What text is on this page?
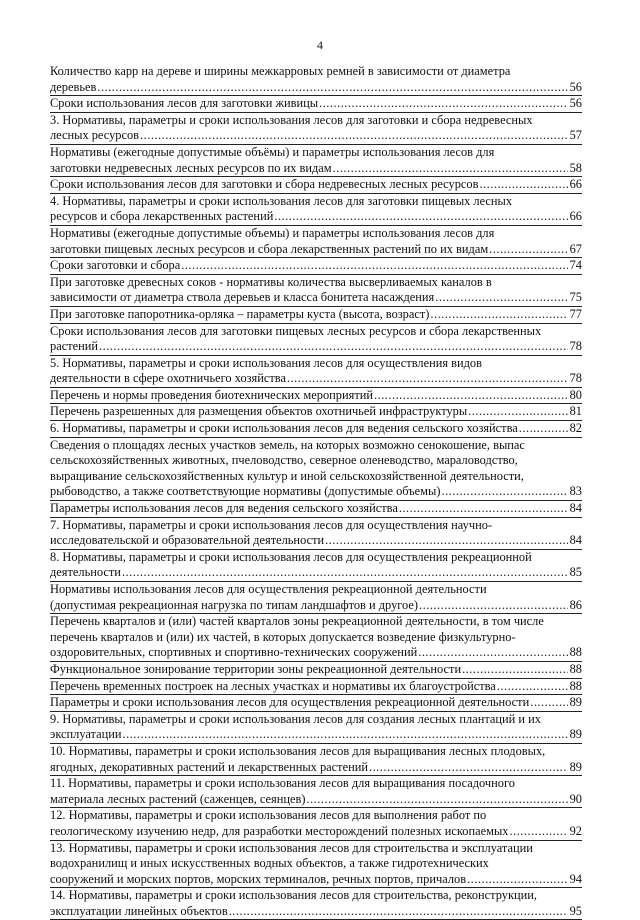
4
Количество карр на дереве и ширины межкарровых ремней в зависимости от диаметра
деревьев .....	56
Сроки использования лесов для заготовки живицы .....	56
3. Нормативы, параметры и сроки использования лесов для заготовки и сбора недревесных
лесных ресурсов .....	57
Нормативы (ежегодные допустимые объёмы) и параметры использования лесов для
заготовки недревесных лесных ресурсов по их видам .....	58
Сроки использования лесов для заготовки и сбора недревесных лесных ресурсов .....	66
4. Нормативы, параметры и сроки использования лесов для заготовки пищевых лесных
ресурсов и сбора лекарственных растений .....	66
Нормативы (ежегодные допустимые объемы) и параметры использования лесов для
заготовки пищевых лесных ресурсов и сбора лекарственных растений по их видам .....	67
Сроки заготовки и сбора .....	74
При заготовке древесных соков - нормативы количества высверливаемых каналов в
зависимости от диаметра ствола деревьев и класса бонитета насаждения .....	75
При заготовке папоротника-орляка – параметры куста (высота, возраст) .....	77
Сроки использования лесов для заготовки пищевых лесных ресурсов и сбора лекарственных
растений .....	78
5. Нормативы, параметры и сроки использования лесов для осуществления видов
деятельности в сфере охотничьего хозяйства .....	78
Перечень и нормы проведения биотехнических мероприятий .....	80
Перечень разрешенных для размещения объектов охотничьей инфраструктуры .....	81
6. Нормативы, параметры и сроки использования лесов для ведения сельского хозяйства .....	82
Сведения о площадях лесных участков земель, на которых возможно сенокошение, выпас
сельскохозяйственных животных, пчеловодство, северное оленеводство, мараловодство,
выращивание сельскохозяйственных культур и иной сельскохозяйственной деятельности,
рыбоводство, а также соответствующие нормативы (допустимые объемы) .....	83
Параметры использования лесов для ведения сельского хозяйства .....	84
7. Нормативы, параметры и сроки использования лесов для осуществления научно-
исследовательской и образовательной деятельности .....	84
8. Нормативы, параметры и сроки использования лесов для осуществления рекреационной
деятельности .....	85
Нормативы использования лесов для осуществления рекреационной деятельности
(допустимая рекреационная нагрузка по типам ландшафтов и другое) .....	86
Перечень кварталов и (или) частей кварталов зоны рекреационной деятельности, в том числе
перечень кварталов и (или) их частей, в которых допускается возведение физкультурно-
оздоровительных, спортивных и спортивно-технических сооружений .....	88
Функциональное зонирование территории зоны рекреационной деятельности .....	88
Перечень временных построек на лесных участках и нормативы их благоустройства .....	88
Параметры и сроки использования лесов для осуществления рекреационной деятельности .....	89
9. Нормативы, параметры и сроки использования лесов для создания лесных плантаций и их
эксплуатации .....	89
10. Нормативы, параметры и сроки использования лесов для выращивания лесных плодовых,
ягодных, декоративных растений и лекарственных растений .....	89
11. Нормативы, параметры и сроки использования лесов для выращивания посадочного
материала лесных растений (саженцев, сеянцев) .....	90
12. Нормативы, параметры и сроки использования лесов для выполнения работ по
геологическому изучению недр, для разработки месторождений полезных ископаемых .....	92
13. Нормативы, параметры и сроки использования лесов для строительства и эксплуатации
водохранилищ и иных искусственных водных объектов, а также гидротехнических
сооружений и морских портов, морских терминалов, речных портов, причалов .....	94
14. Нормативы, параметры и сроки использования лесов для строительства, реконструкции,
эксплуатации линейных объектов .....	95
